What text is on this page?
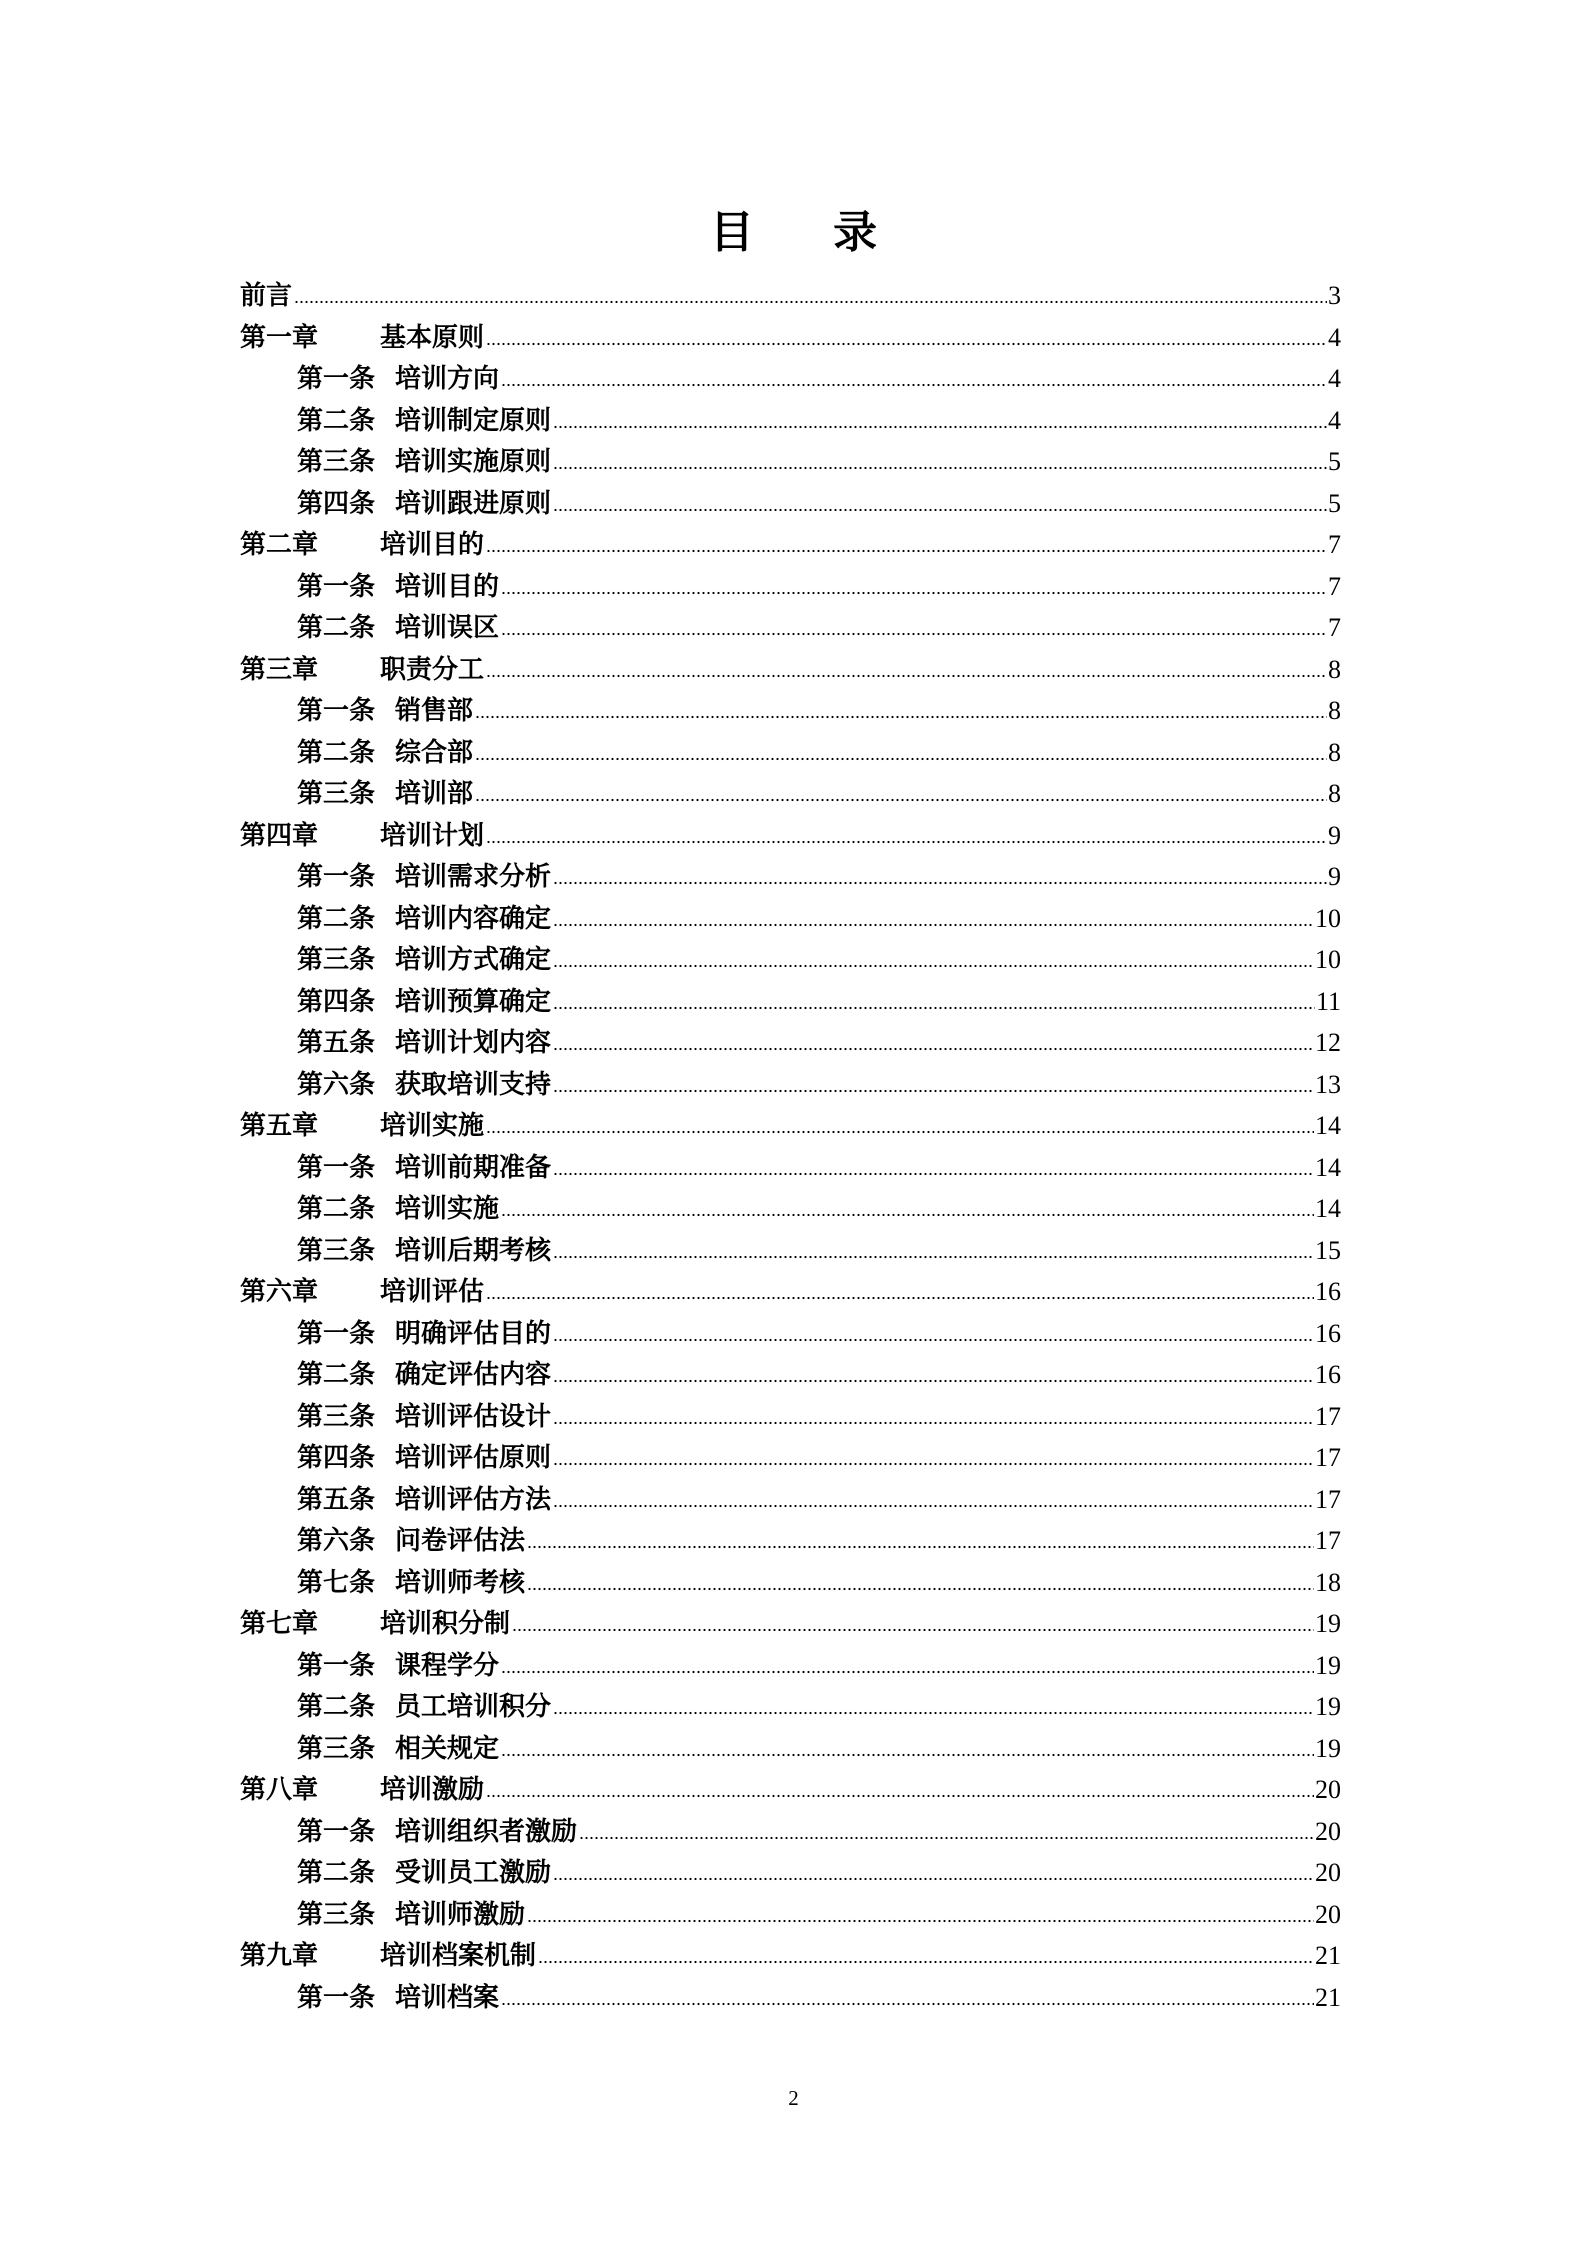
目 录
前言	3
第一章	基本原则	4
第一条 培训方向	4
第二条 培训制定原则	4
第三条 培训实施原则	5
第四条 培训跟进原则	5
第二章	培训目的	7
第一条 培训目的	7
第二条 培训误区	7
第三章	职责分工	8
第一条 销售部	8
第二条 综合部	8
第三条 培训部	8
第四章	培训计划	9
第一条 培训需求分析	9
第二条 培训内容确定	10
第三条 培训方式确定	10
第四条 培训预算确定	11
第五条 培训计划内容	12
第六条 获取培训支持	13
第五章	培训实施	14
第一条 培训前期准备	14
第二条 培训实施	14
第三条 培训后期考核	15
第六章	培训评估	16
第一条 明确评估目的	16
第二条 确定评估内容	16
第三条 培训评估设计	17
第四条 培训评估原则	17
第五条 培训评估方法	17
第六条 问卷评估法	17
第七条 培训师考核	18
第七章	培训积分制	19
第一条 课程学分	19
第二条 员工培训积分	19
第三条 相关规定	19
第八章	培训激励	20
第一条 培训组织者激励	20
第二条 受训员工激励	20
第三条 培训师激励	20
第九章	培训档案机制	21
第一条 培训档案	21
2
